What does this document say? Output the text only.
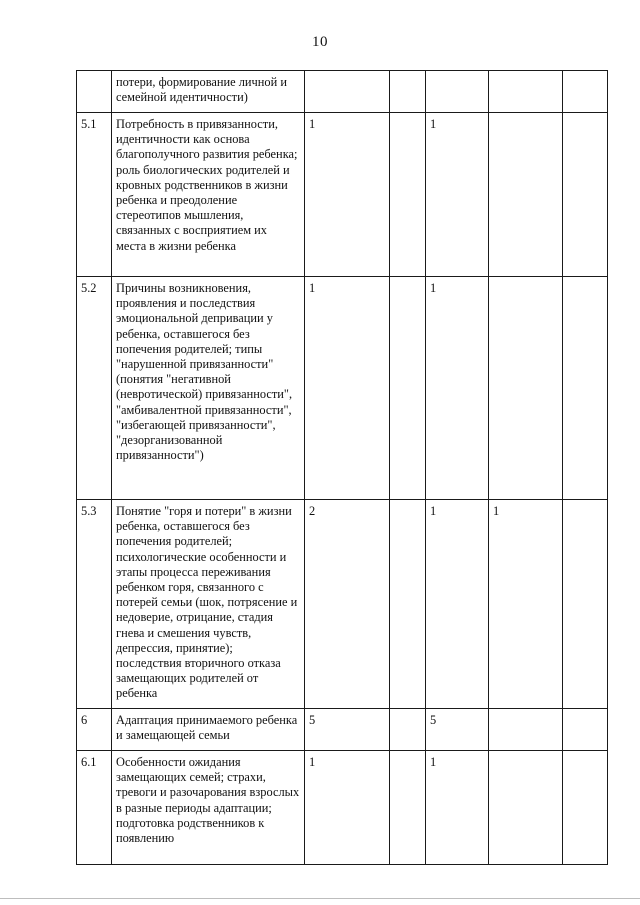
10
	потери, формирование личной и семейной идентичности)					
5.1	Потребность в привязанности, идентичности как основа благополучного развития ребенка; роль биологических родителей и кровных родственников в жизни ребенка и преодоление стереотипов мышления, связанных с восприятием их места в жизни ребенка	1		1		
5.2	Причины возникновения, проявления и последствия эмоциональной депривации у ребенка, оставшегося без попечения родителей; типы "нарушенной привязанности" (понятия "негативной (невротической) привязанности", "амбивалентной привязанности", "избегающей привязанности", "дезорганизованной привязанности")	1		1		
5.3	Понятие "горя и потери" в жизни ребенка, оставшегося без попечения родителей; психологические особенности и этапы процесса переживания ребенком горя, связанного с потерей семьи (шок, потрясение и недоверие, отрицание, стадия гнева и смешения чувств, депрессия, принятие); последствия вторичного отказа замещающих родителей от ребенка	2		1	1	
6	Адаптация принимаемого ребенка и замещающей семьи	5		5		
6.1	Особенности ожидания замещающих семей; страхи, тревоги и разочарования взрослых в разные периоды адаптации; подготовка родственников к появлению	1		1		
